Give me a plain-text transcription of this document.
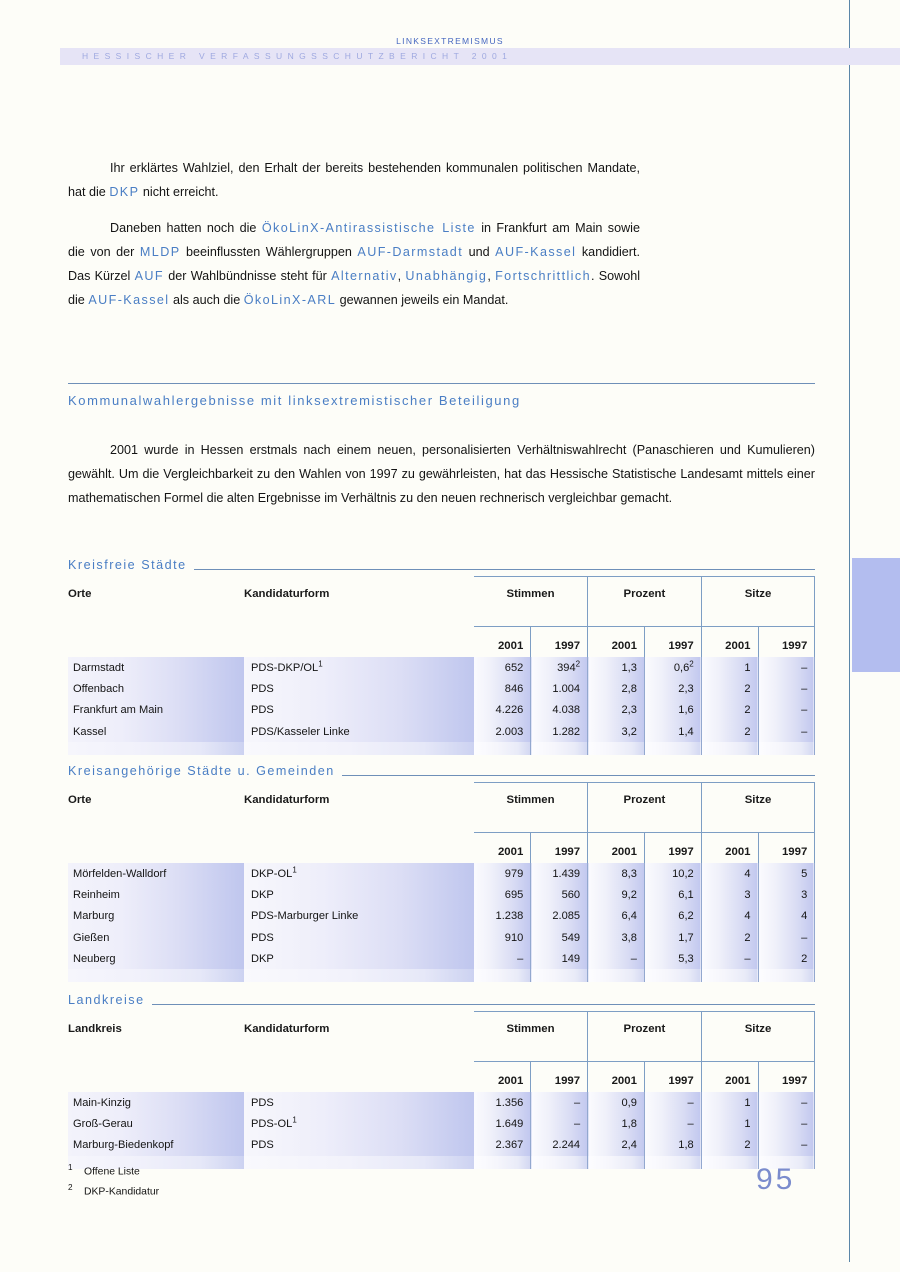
LINKSEXTREMISMUS
HESSISCHER VERFASSUNGSSCHUTZBERICHT 2001
Ihr erklärtes Wahlziel, den Erhalt der bereits bestehenden kommunalen politischen Mandate, hat die DKP nicht erreicht.
Daneben hatten noch die ÖkoLinX-Antirassistische Liste in Frankfurt am Main sowie die von der MLDP beeinflussten Wählergruppen AUF-Darmstadt und AUF-Kassel kandidiert. Das Kürzel AUF der Wahlbündnisse steht für Alternativ, Unabhängig, Fortschrittlich. Sowohl die AUF-Kassel als auch die ÖkoLinX-ARL gewannen jeweils ein Mandat.
Kommunalwahlergebnisse mit linksextremistischer Beteiligung
2001 wurde in Hessen erstmals nach einem neuen, personalisierten Verhältniswahlrecht (Panaschieren und Kumulieren) gewählt. Um die Vergleichbarkeit zu den Wahlen von 1997 zu gewährleisten, hat das Hessische Statistische Landesamt mittels einer mathematischen Formel die alten Ergebnisse im Verhältnis zu den neuen rechnerisch vergleichbar gemacht.
Kreisfreie Städte
Orte	Kandidaturform	Stimmen		Prozent		Sitze	

		2001	1997	2001	1997	2001	1997
Darmstadt	PDS-$DKP/OL^1$	652	$394^2$	1,3	$0,6^2$	1	–
Offenbach	PDS	846	1.004	2,8	2,3	2	–
Frankfurt am Main	PDS	4.226	4.038	2,3	1,6	2	–
Kassel	PDS/Kasseler Linke	2.003	1.282	3,2	1,4	2	–

Kreisangehörige Städte u. Gemeinden
Orte	Kandidaturform	Stimmen		Prozent		Sitze	

		2001	1997	2001	1997	2001	1997
Mörfelden-Walldorf	DKP-$OL^1$	979	1.439	8,3	10,2	4	5
Reinheim	DKP	695	560	9,2	6,1	3	3
Marburg	PDS-Marburger Linke	1.238	2.085	6,4	6,2	4	4
Gießen	PDS	910	549	3,8	1,7	2	–
Neuberg	DKP	–	149	–	5,3	–	2

Landkreise
Landkreis	Kandidaturform	Stimmen		Prozent		Sitze	

		2001	1997	2001	1997	2001	1997
Main-Kinzig	PDS	1.356	–	0,9	–	1	–
Groß-Gerau	PDS-$OL^1$	1.649	–	1,8	–	1	–
Marburg-Biedenkopf	PDS	2.367	2.244	2,4	1,8	2	–

1 Offene Liste
2 DKP-Kandidatur	95
